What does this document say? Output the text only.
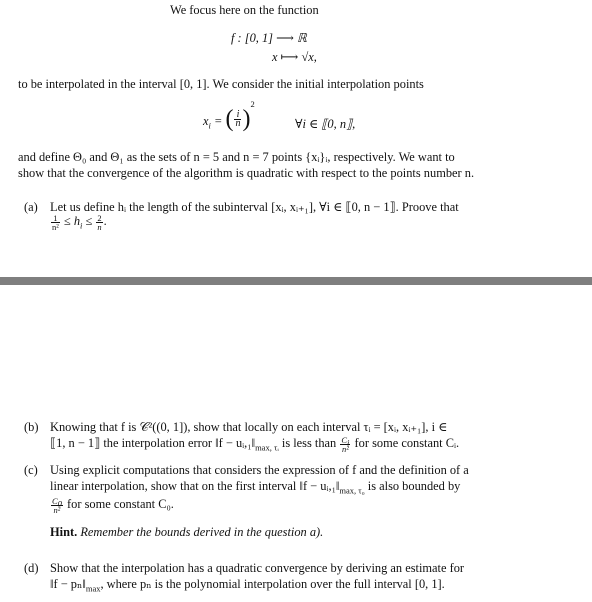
We focus here on the function
f : [0, 1] ⟶ ℝ
x ⟼ √x,
to be interpolated in the interval [0, 1]. We consider the initial interpolation points
$x_i$ = ( $\frac{i}{n} )^2$
∀i ∈ ⟦0, n⟧,
and define Θ₀ and Θ₁ as the sets of n = 5 and n = 7 points {xᵢ}ᵢ, respectively. We want to
show that the convergence of the algorithm is quadratic with respect to the points number n.
(a) Let us define hᵢ the length of the subinterval [xᵢ, xᵢ₊₁], ∀i ∈ ⟦0, n − 1⟧. Proove that
$\frac{1}{\text{n²}} \le h_i \le \frac{2}{n}$ .
(b) Knowing that f is 𝒞²((0, 1]), show that locally on each interval τᵢ = [xᵢ, xᵢ₊₁], i ∈
⟦1, n − 1⟧ the interpolation error ‖f − $uᵢ,_1‖_{max, \tau ᵢ}$ is less than $\frac{C_i}{\text{n²}}$ for some constant Cᵢ.
(c) Using explicit computations that considers the expression of f and the definition of a
linear interpolation, show that on the first interval ‖f − $uᵢ,_1‖_{max, \tau_0}$ is also bounded by
$\frac{C_0}{\text{n²}}$ for some constant C₀.
Hint. Remember the bounds derived in the question a).
(d) Show that the interpolation has a quadratic convergence by deriving an estimate for
‖f − $p_n‖_{max}$, where pₙ is the polynomial interpolation over the full interval [0, 1].
